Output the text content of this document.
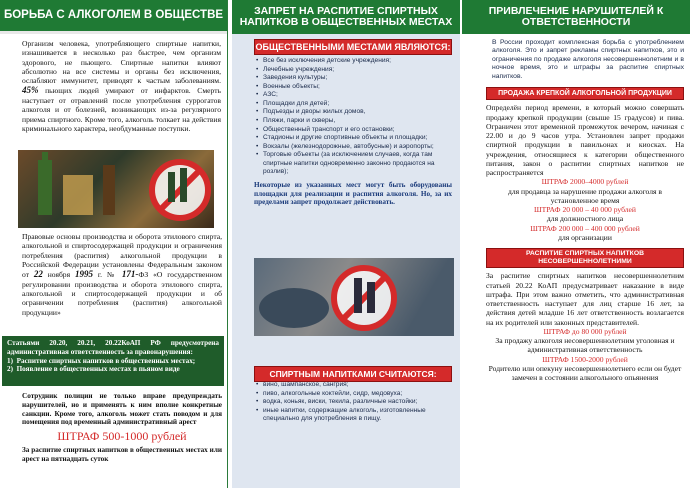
БОРЬБА С АЛКОГОЛЕМ В ОБЩЕСТВЕ

Организм человека, употребляющего спиртные напитки, изнашивается в несколько раз быстрее, чем организм здорового, не пьющего. Спиртные напитки влияют абсолютно на все системы и органы без исключения, ослабляют иммунитет, приводят к частым заболеваниям. 45% пьющих людей умирают от инфарктов. Смерть наступает от отравлений после употребления суррогатов алкоголя и от болезней, возникающих из-за регулярного приема спиртного. Кроме того, алкоголь толкает на действия криминального характера, необдуманные поступки.

Правовые основы производства и оборота этилового спирта, алкогольной и спиртосодержащей продукции и ограничения потребления (распития) алкогольной продукции в Российской Федерации установлены Федеральным законом от 22 ноября 1995 г. № 171-ФЗ «О государственном регулировании производства и оборота этилового спирта, алкогольной и спиртосодержащей продукции и об ограничении потребления (распития) алкогольной продукции»

Статьями 20.20, 20.21, 20.22КоАП РФ предусмотрена административная ответственность за правонарушения:

1)  Распитие спиртных напитков в общественных местах;

2)  Появление в общественных местах в пьяном виде

Сотрудник полиции не только вправе предупреждать нарушителей, но и применять к ним вполне конкретные санкции. Кроме того, алкоголь может стать поводом и для помещения под временный административный арест

ШТРАФ 500-1000 рублей

За распитие спиртных напитков в общественных местах или арест на пятнадцать суток

ЗАПРЕТ НА РАСПИТИЕ СПИРТНЫХ НАПИТКОВ В ОБЩЕСТВЕННЫХ МЕСТАХ
ОБЩЕСТВЕННЫМИ МЕСТАМИ ЯВЛЯЮТСЯ:
• Все без исключения детские учреждения;
• Лечебные учреждения;
• Заведения культуры;
• Военные объекты;
• АЗС;
• Площадки для детей;
• Подъезды и дворы жилых домов,
• Пляжи, парки и скверы,
• Общественный транспорт и его остановки;
• Стадионы и другие спортивные объекты и площадки;
• Вокзалы (железнодорожные, автобусные) и аэропорты;
• Торговые объекты (за исключением случаев, когда там спиртные напитки одновременно законно продаются на розлив);

Некоторые из указанных мест могут быть оборудованы площадки для реализации и распития алкоголя. Но, за их пределами запрет продолжает действовать.

СПИРТНЫМ НАПИТКАМИ СЧИТАЮТСЯ:
• вино, шампанское, сангрия;
• пиво, алкогольные коктейли, сидр, медовуха;
• водка, коньяк, виски, текила, различные настойки;
• иные напитки, содержащие алкоголь, изготовленные специально для употребления в пищу.
ПРИВЛЕЧЕНИЕ НАРУШИТЕЛЕЙ К ОТВЕТСТВЕННОСТИ

В России проходит комплексная борьба с употреблением алкоголя. Это и запрет рекламы спиртных напитков, это и ограничения по продаже алкоголя несовершеннолетним и в ночное время, это и штрафы за распитие спиртных напитков.

ПРОДАЖА КРЕПКОЙ АЛКОГОЛЬНОЙ ПРОДУКЦИИ

Определён период времени, в который можно совершать продажу крепкой продукции (свыше 15 градусов) и пива. Ограничен этот временной промежуток вечером, начиная с 22.00 и до 9 часов утра. Установлен запрет продажи спиртной продукции в павильонах и киосках. На учреждения, относящиеся к категории общественного питания, закон о распитии спиртных напитков не распространяется

ШТРАФ 2000–4000 рублей

для продавца за нарушение продажи алкоголя в установленное время

ШТРАФ 20 000 – 40 000 рублей

для должностного лица

ШТРАФ 200 000 – 400 000 рублей

для организации

РАСПИТИЕ СПИРТНЫХ НАПИТКОВ НЕСОВЕРШЕННОЛЕТНИМИ

За распитие спиртных напитков несовершеннолетним статьей 20.22 КоАП предусматривает наказание в виде штрафа. При этом важно отметить, что административная ответственность наступает для лиц старше 16 лет, за действия детей младше 16 лет ответственность возлагается на их родителей или законных представителей.

ШТРАФ до 80 000 рублей

За продажу алкоголя несовершеннолетним уголовная и административная ответственность

ШТРАФ 1500-2000 рублей

Родителю или опекуну несовершеннолетнего если он будет замечен в состоянии алкогольного опьянения
